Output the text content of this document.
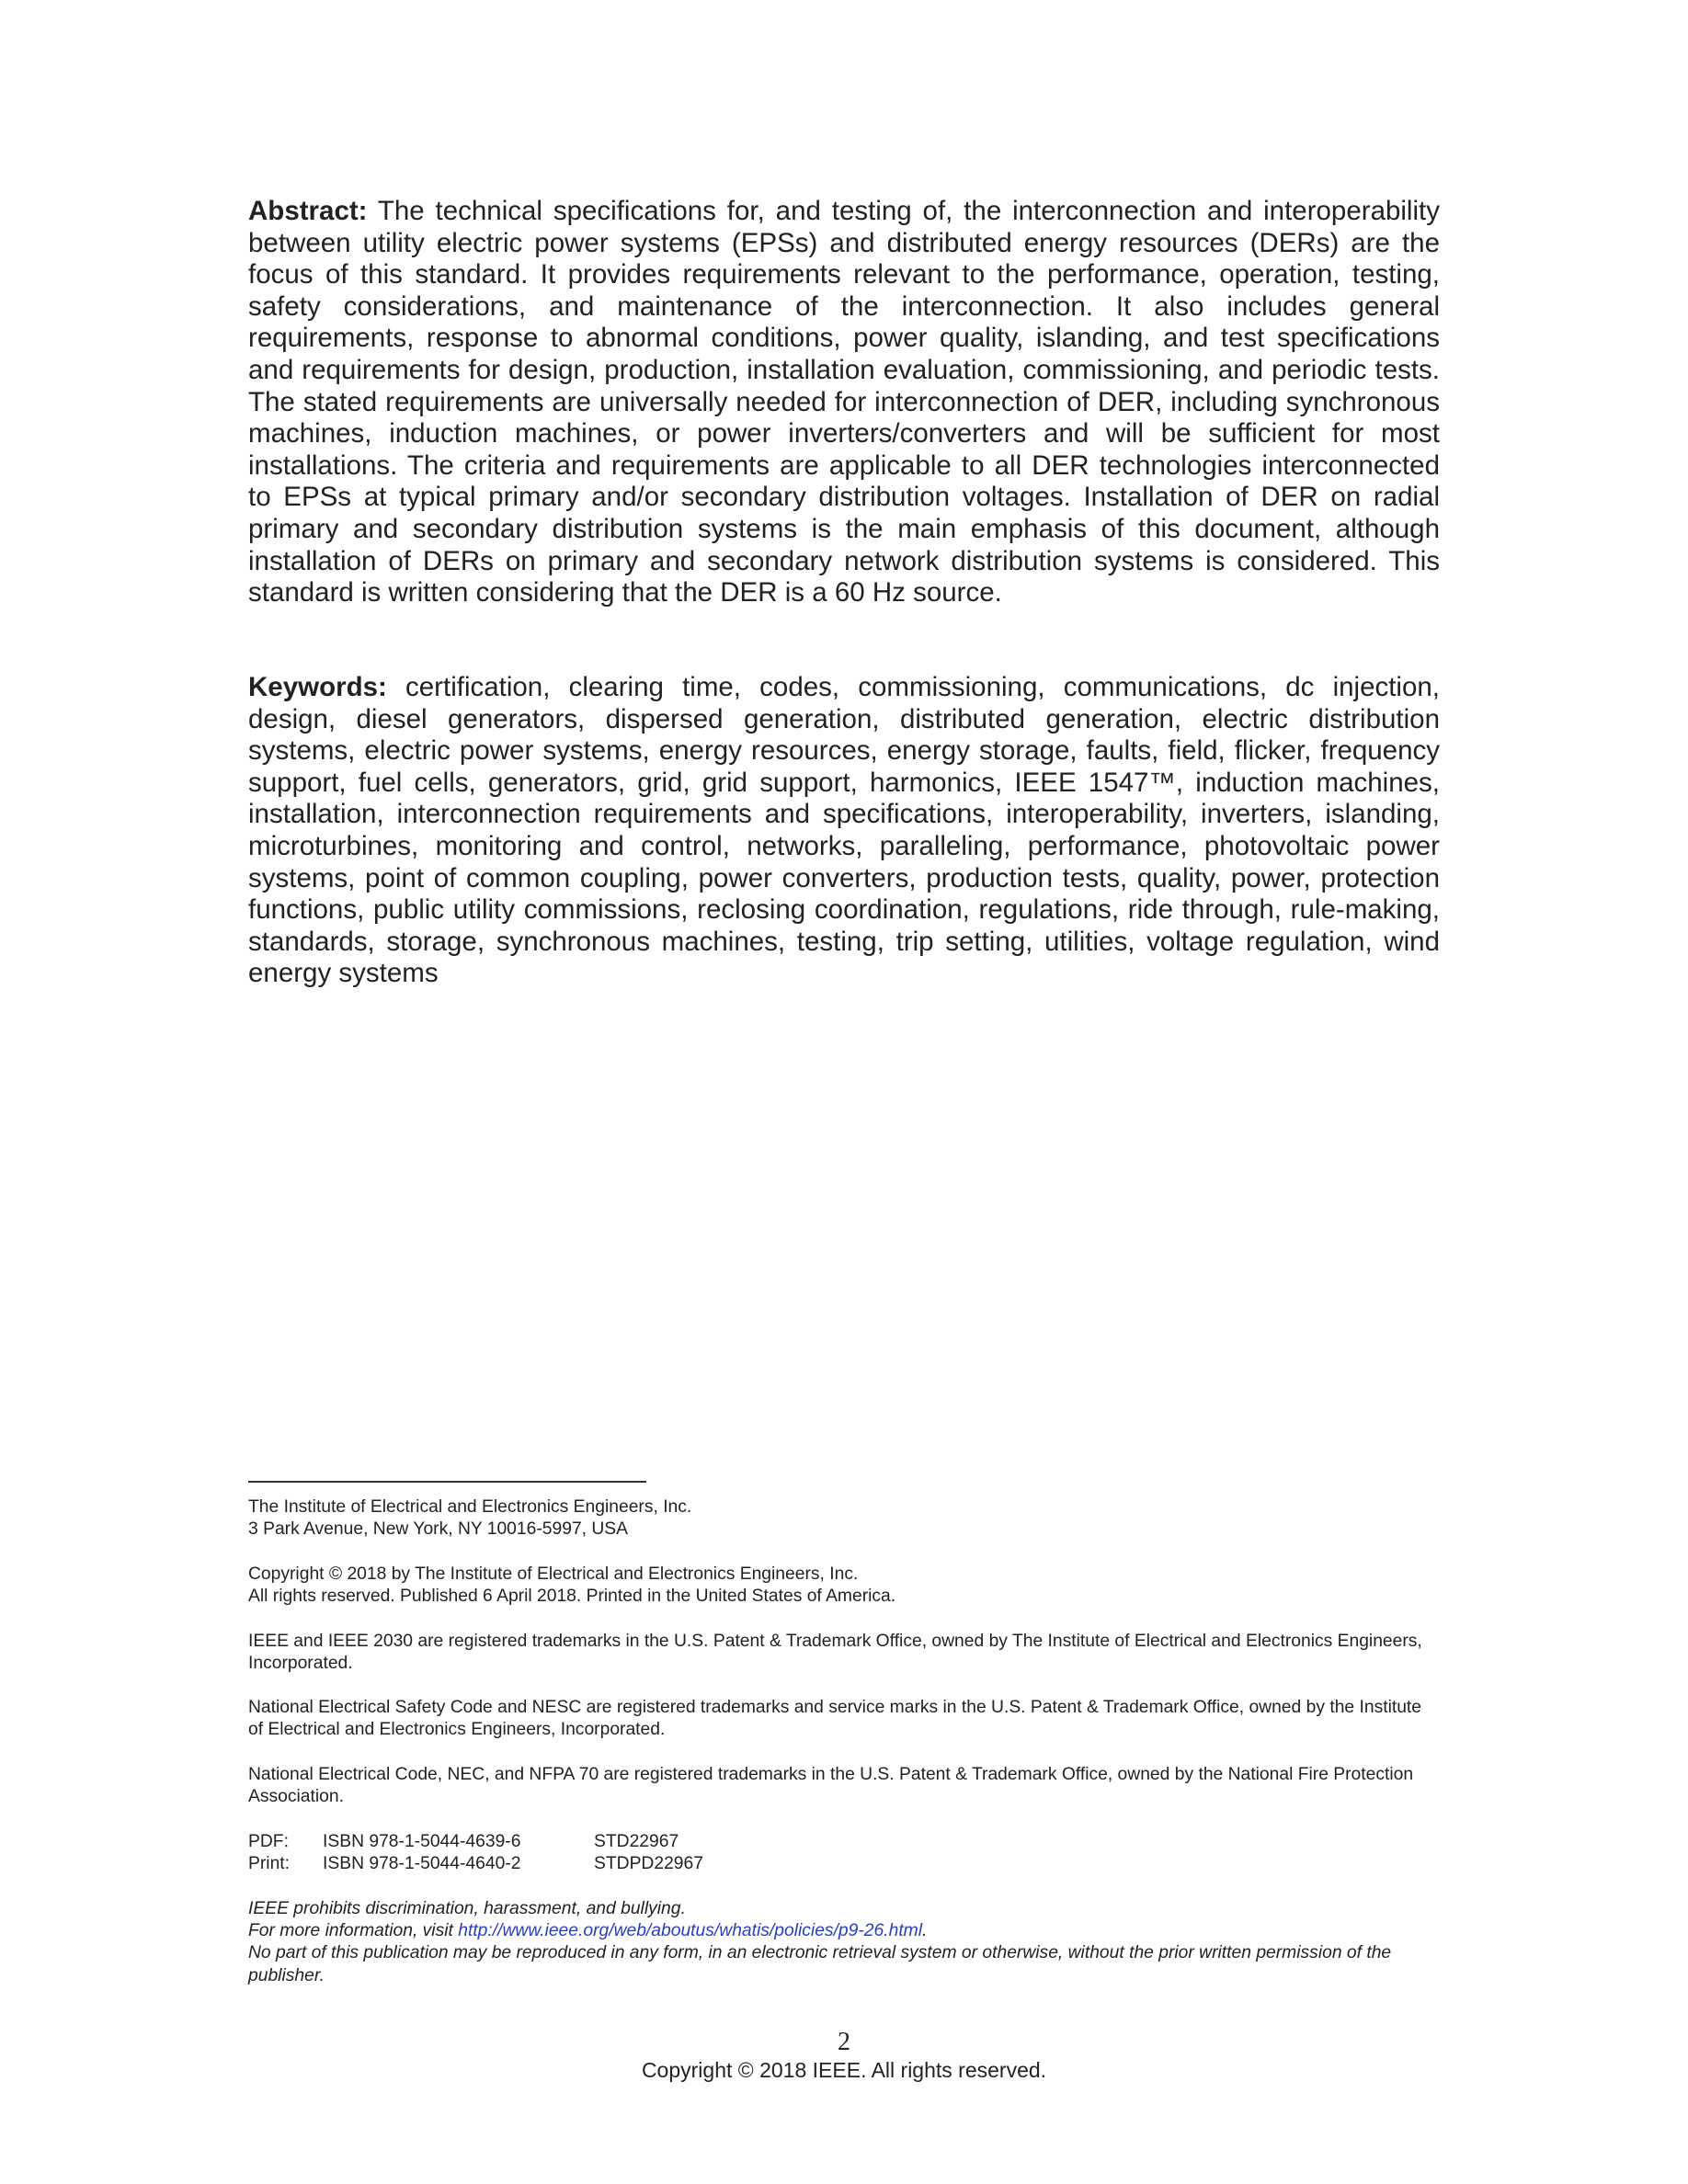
Abstract: The technical specifications for, and testing of, the interconnection and interoperability between utility electric power systems (EPSs) and distributed energy resources (DERs) are the focus of this standard. It provides requirements relevant to the performance, operation, testing, safety considerations, and maintenance of the interconnection. It also includes general requirements, response to abnormal conditions, power quality, islanding, and test specifications and requirements for design, production, installation evaluation, commissioning, and periodic tests. The stated requirements are universally needed for interconnection of DER, including synchronous machines, induction machines, or power inverters/converters and will be sufficient for most installations. The criteria and requirements are applicable to all DER technologies interconnected to EPSs at typical primary and/or secondary distribution voltages. Installation of DER on radial primary and secondary distribution systems is the main emphasis of this document, although installation of DERs on primary and secondary network distribution systems is considered. This standard is written considering that the DER is a 60 Hz source.
Keywords: certification, clearing time, codes, commissioning, communications, dc injection, design, diesel generators, dispersed generation, distributed generation, electric distribution systems, electric power systems, energy resources, energy storage, faults, field, flicker, frequency support, fuel cells, generators, grid, grid support, harmonics, IEEE 1547™, induction machines, installation, interconnection requirements and specifications, interoperability, inverters, islanding, microturbines, monitoring and control, networks, paralleling, performance, photovoltaic power systems, point of common coupling, power converters, production tests, quality, power, protection functions, public utility commissions, reclosing coordination, regulations, ride through, rule-making, standards, storage, synchronous machines, testing, trip setting, utilities, voltage regulation, wind energy systems

The Institute of Electrical and Electronics Engineers, Inc.

3 Park Avenue, New York, NY 10016-5997, USA

Copyright © 2018 by The Institute of Electrical and Electronics Engineers, Inc.

All rights reserved. Published 6 April 2018. Printed in the United States of America.

IEEE and IEEE 2030 are registered trademarks in the U.S. Patent & Trademark Office, owned by The Institute of Electrical and Electronics Engineers, Incorporated.

National Electrical Safety Code and NESC are registered trademarks and service marks in the U.S. Patent & Trademark Office, owned by the Institute of Electrical and Electronics Engineers, Incorporated.

National Electrical Code, NEC, and NFPA 70 are registered trademarks in the U.S. Patent & Trademark Office, owned by the National Fire Protection Association.

PDF:	ISBN 978-1-5044-4639-6	STD22967
Print:	ISBN 978-1-5044-4640-2	STDPD22967

IEEE prohibits discrimination, harassment, and bullying.

For more information, visit http://www.ieee.org/web/aboutus/whatis/policies/p9-26.html.

No part of this publication may be reproduced in any form, in an electronic retrieval system or otherwise, without the prior written permission of the publisher.

2
Copyright © 2018 IEEE. All rights reserved.
